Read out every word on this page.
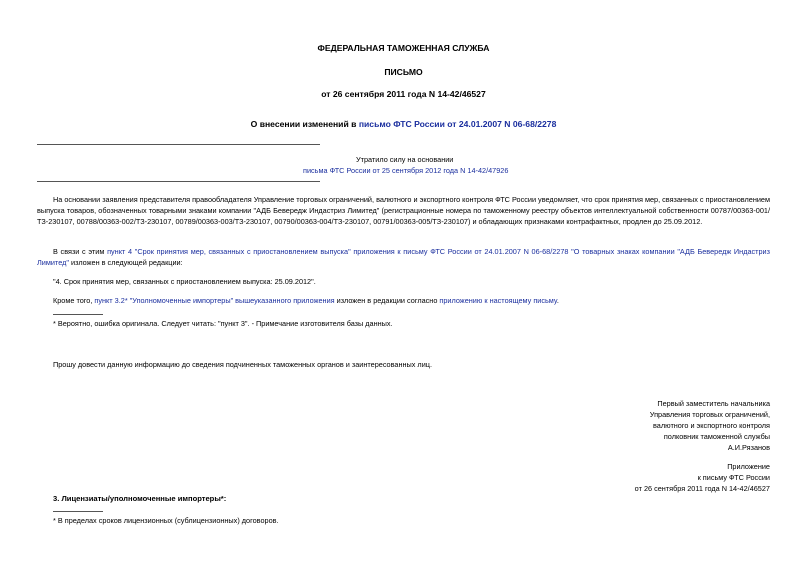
ФЕДЕРАЛЬНАЯ ТАМОЖЕННАЯ СЛУЖБА
ПИСЬМО
от 26 сентября 2011 года N 14-42/46527
О внесении изменений в письмо ФТС России от 24.01.2007 N 06-68/2278
Утратило силу на основании
письма ФТС России от 25 сентября 2012 года N 14-42/47926
На основании заявления представителя правообладателя Управление торговых ограничений, валютного и экспортного контроля ФТС России уведомляет, что срок принятия мер, связанных с приостановлением выпуска товаров, обозначенных товарными знаками компании "АДБ Бевередж Индастриз Лимитед" (регистрационные номера по таможенному реестру объектов интеллектуальной собственности 00787/00363-001/ТЗ-230107, 00788/00363-002/ТЗ-230107, 00789/00363-003/ТЗ-230107, 00790/00363-004/ТЗ-230107, 00791/00363-005/ТЗ-230107) и обладающих признаками контрафактных, продлен до 25.09.2012.
В связи с этим пункт 4 "Срок принятия мер, связанных с приостановлением выпуска" приложения к письму ФТС России от 24.01.2007 N 06-68/2278 "О товарных знаках компании "АДБ Бевередж Индастриз Лимитед" изложен в следующей редакции:
"4. Срок принятия мер, связанных с приостановлением выпуска: 25.09.2012".
Кроме того, пункт 3.2* "Уполномоченные импортеры" вышеуказанного приложения изложен в редакции согласно приложению к настоящему письму.
* Вероятно, ошибка оригинала. Следует читать: "пункт 3". - Примечание изготовителя базы данных.
Прошу довести данную информацию до сведения подчиненных таможенных органов и заинтересованных лиц.
Первый заместитель начальника
Управления торговых ограничений,
валютного и экспортного контроля
полковник таможенной службы
А.И.Рязанов
Приложение
к письму ФТС России
от 26 сентября 2011 года N 14-42/46527
3. Лицензиаты/уполномоченные импортеры*:
* В пределах сроков лицензионных (сублицензионных) договоров.
